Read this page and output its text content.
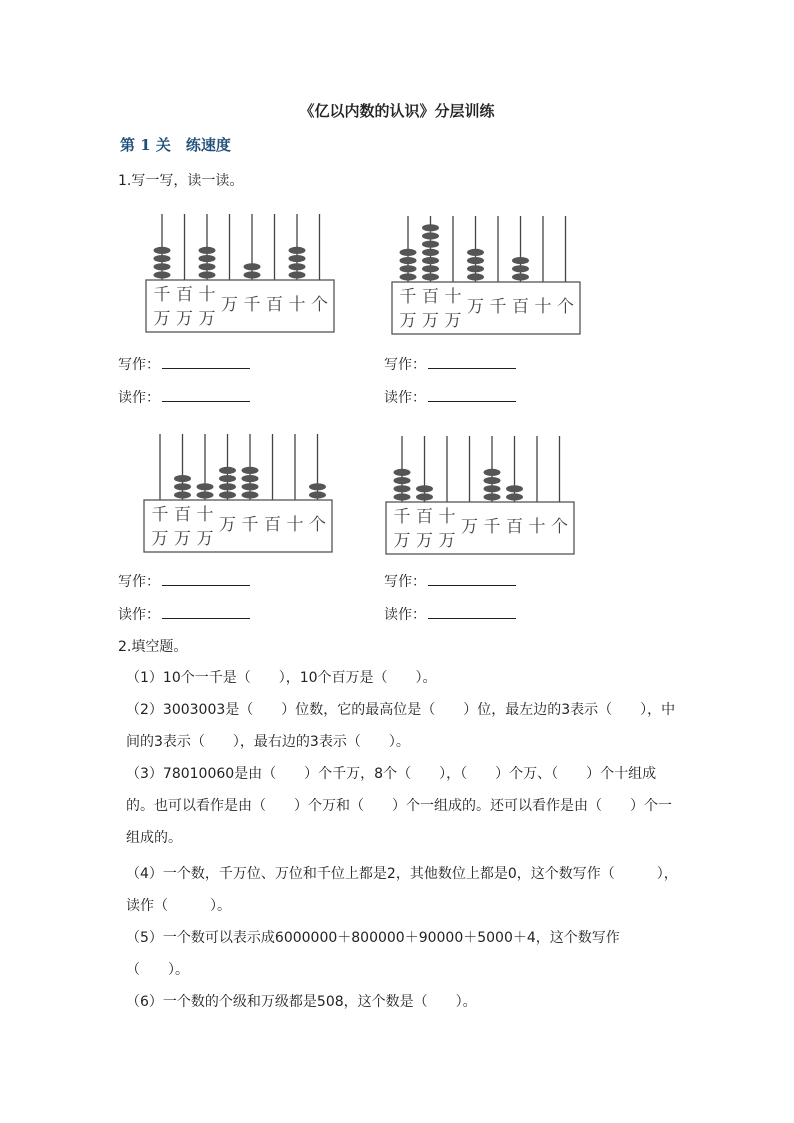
《亿以内数的认识》分层训练
第 1 关　练速度
1.写一写，读一读。
千 百 十 万 千 百 十 个
万 万 万
写作：
读作：
千 百 十 万 千 百 十 个
万 万 万
写作：
读作：
千 百 十 万 千 百 十 个
万 万 万
写作：
读作：
千 百 十 万 千 百 十 个
万 万 万
写作：
读作：
2.填空题。
（1）10个一千是（　　），10个百万是（　　）。
（2）3003003是（　　）位数，它的最高位是（　　）位，最左边的3表示（　　），中间的3表示（　　），最右边的3表示（　　）。
（3）78010060是由（　　）个千万，8个（　　），（　　）个万、（　　）个十组成的。也可以看作是由（　　）个万和（　　）个一组成的。还可以看作是由（　　）个一组成的。
（4）一个数，千万位、万位和千位上都是2，其他数位上都是0，这个数写作（　　　），读作（　　　）。
（5）一个数可以表示成6000000＋800000＋90000＋5000＋4，这个数写作（　　）。
（6）一个数的个级和万级都是508，这个数是（　　）。
